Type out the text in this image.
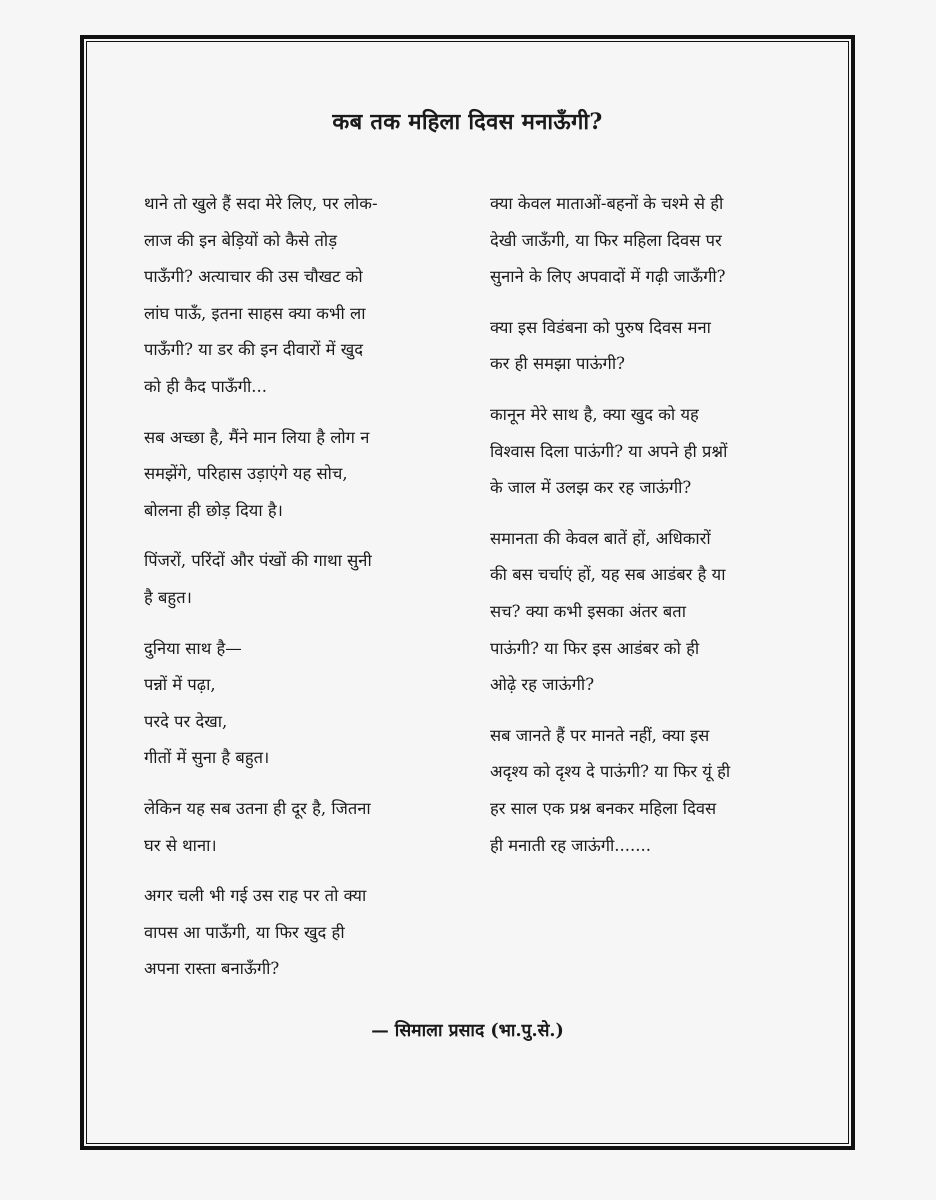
कब तक महिला दिवस मनाऊँगी?

थाने तो खुले हैं सदा मेरे लिए, पर लोक-
लाज की इन बेड़ियों को कैसे तोड़
पाऊँगी? अत्याचार की उस चौखट को
लांघ पाऊँ, इतना साहस क्या कभी ला
पाऊँगी? या डर की इन दीवारों में खुद
को ही कैद पाऊँगी...

सब अच्छा है, मैंने मान लिया है लोग न
समझेंगे, परिहास उड़ाएंगे यह सोच,
बोलना ही छोड़ दिया है।

पिंजरों, परिंदों और पंखों की गाथा सुनी
है बहुत।

दुनिया साथ है—
पन्नों में पढ़ा,
परदे पर देखा,
गीतों में सुना है बहुत।

लेकिन यह सब उतना ही दूर है, जितना
घर से थाना।

अगर चली भी गई उस राह पर तो क्या
वापस आ पाऊँगी, या फिर खुद ही
अपना रास्ता बनाऊँगी?

क्या केवल माताओं-बहनों के चश्मे से ही
देखी जाऊँगी, या फिर महिला दिवस पर
सुनाने के लिए अपवादों में गढ़ी जाऊँगी?

क्या इस विडंबना को पुरुष दिवस मना
कर ही समझा पाऊंगी?

कानून मेरे साथ है, क्या खुद को यह
विश्वास दिला पाऊंगी? या अपने ही प्रश्नों
के जाल में उलझ कर रह जाऊंगी?

समानता की केवल बातें हों, अधिकारों
की बस चर्चाएं हों, यह सब आडंबर है या
सच? क्या कभी इसका अंतर बता
पाऊंगी? या फिर इस आडंबर को ही
ओढ़े रह जाऊंगी?

सब जानते हैं पर मानते नहीं, क्या इस
अदृश्य को दृश्य दे पाऊंगी? या फिर यूं ही
हर साल एक प्रश्न बनकर महिला दिवस
ही मनाती रह जाऊंगी.......

— सिमाला प्रसाद (भा.पु.से.)
